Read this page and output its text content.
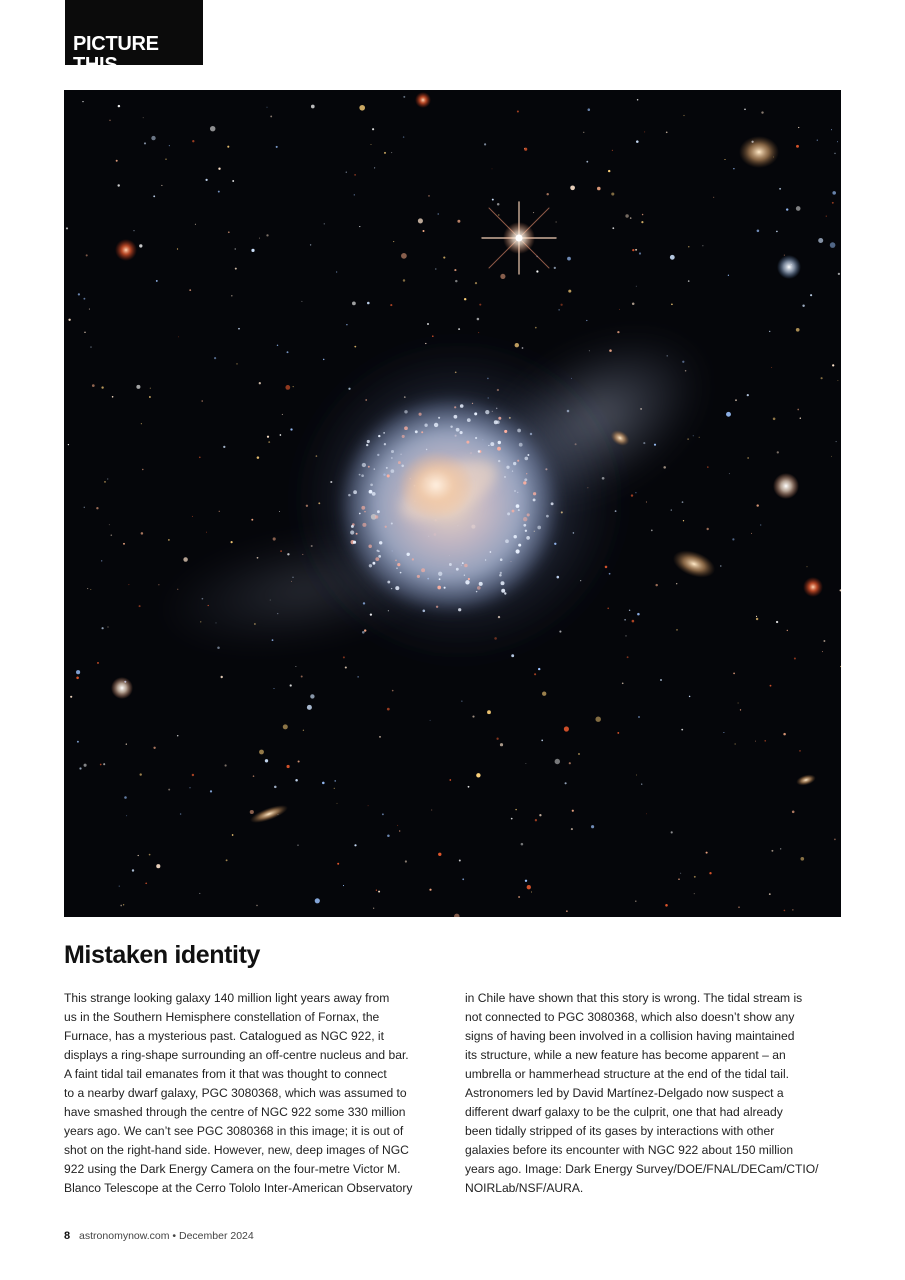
PICTURE THIS
Mistaken identity

This strange looking galaxy 140 million light years away from
us in the Southern Hemisphere constellation of Fornax, the
Furnace, has a mysterious past. Catalogued as NGC 922, it
displays a ring-shape surrounding an off-centre nucleus and bar.
A faint tidal tail emanates from it that was thought to connect
to a nearby dwarf galaxy, PGC 3080368, which was assumed to
have smashed through the centre of NGC 922 some 330 million
years ago. We can’t see PGC 3080368 in this image; it is out of
shot on the right-hand side. However, new, deep images of NGC
922 using the Dark Energy Camera on the four-metre Victor M.
Blanco Telescope at the Cerro Tololo Inter-American Observatory

in Chile have shown that this story is wrong. The tidal stream is
not connected to PGC 3080368, which also doesn’t show any
signs of having been involved in a collision having maintained
its structure, while a new feature has become apparent – an
umbrella or hammerhead structure at the end of the tidal tail.
Astronomers led by David Martínez-Delgado now suspect a
different dwarf galaxy to be the culprit, one that had already
been tidally stripped of its gases by interactions with other
galaxies before its encounter with NGC 922 about 150 million
years ago. Image: Dark Energy Survey/DOE/FNAL/DECam/CTIO/
NOIRLab/NSF/AURA.

8 astronomynow.com • December 2024
